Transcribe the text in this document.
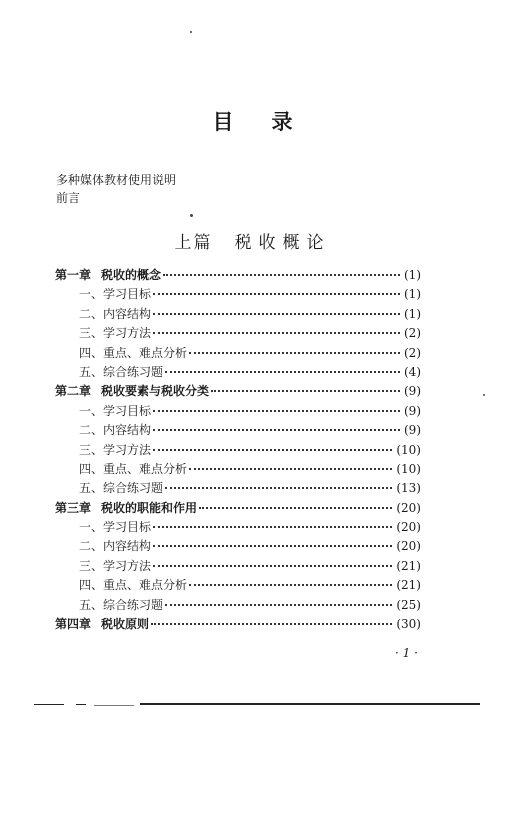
目录
多种媒体教材使用说明
前言
上篇 税收概论
第一章 税收的概念	(1)
一、学习目标	(1)
二、内容结构	(1)
三、学习方法	(2)
四、重点、难点分析	(2)
五、综合练习题	(4)
第二章 税收要素与税收分类	(9)
一、学习目标	(9)
二、内容结构	(9)
三、学习方法	(10)
四、重点、难点分析	(10)
五、综合练习题	(13)
第三章 税收的职能和作用	(20)
一、学习目标	(20)
二、内容结构	(20)
三、学习方法	(21)
四、重点、难点分析	(21)
五、综合练习题	(25)
第四章 税收原则	(30)
· 1 ·
